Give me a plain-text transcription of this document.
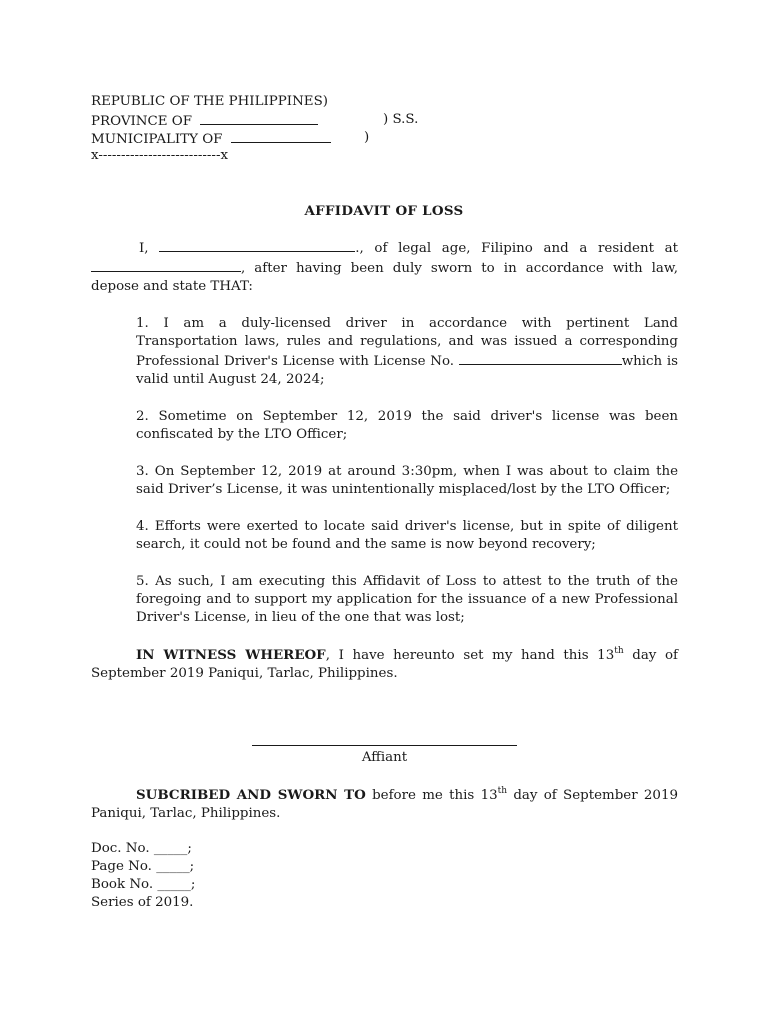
REPUBLIC OF THE PHILIPPINES)
PROVINCE OF	) S.S.
MUNICIPALITY OF	)
x---------------------------x
AFFIDAVIT OF LOSS

I,	., of legal age, Filipino and a resident at , after having been duly sworn to in accordance with law, depose and state THAT:

1. I am a duly-licensed driver in accordance with pertinent Land Transportation laws, rules and regulations, and was issued a corresponding Professional Driver's License with License No.	which is valid until August 24, 2024;

2. Sometime on September 12, 2019 the said driver's license was been confiscated by the LTO Officer;

3. On September 12, 2019 at around 3:30pm, when I was about to claim the said Driver’s License, it was unintentionally misplaced/lost by the LTO Officer;

4. Efforts were exerted to locate said driver's license, but in spite of diligent search, it could not be found and the same is now beyond recovery;

5. As such, I am executing this Affidavit of Loss to attest to the truth of the foregoing and to support my application for the issuance of a new Professional Driver's License, in lieu of the one that was lost;

IN WITNESS WHEREOF, I have hereunto set my hand this 13th day of September 2019 Paniqui, Tarlac, Philippines.

Affiant

SUBCRIBED AND SWORN TO before me this 13th day of September 2019 Paniqui, Tarlac, Philippines.

Doc. No. _____;
Page No. _____;
Book No. _____;
Series of 2019.
